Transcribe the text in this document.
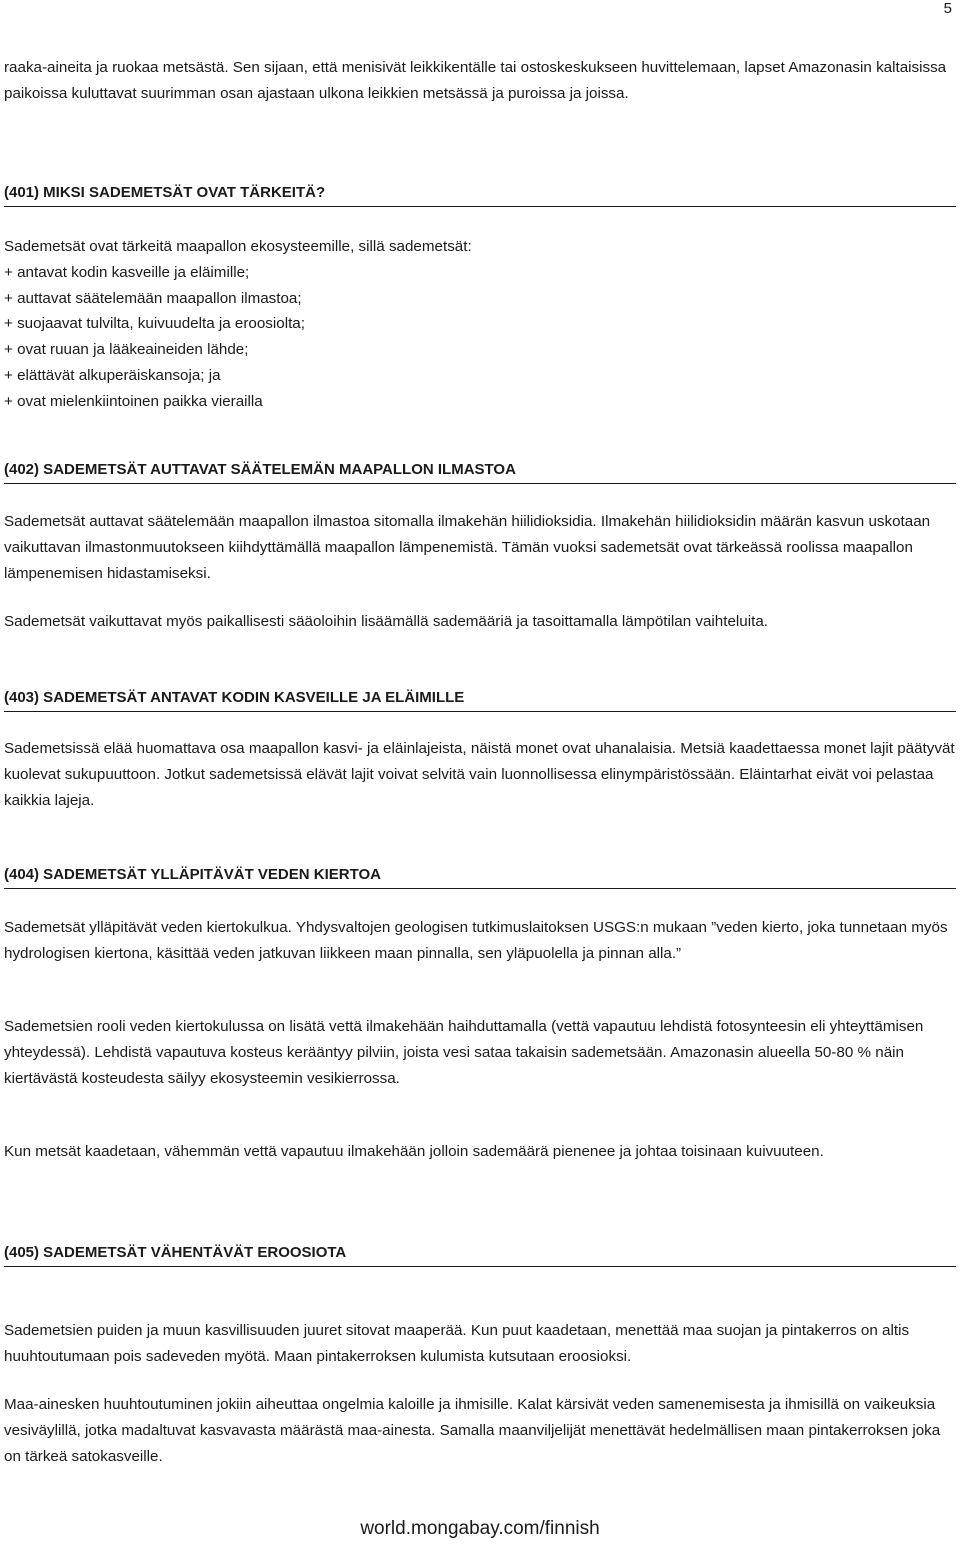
5
raaka-aineita ja ruokaa metsästä. Sen sijaan, että menisivät leikkikentälle tai ostoskeskukseen huvittelemaan, lapset Amazonasin kaltaisissa paikoissa kuluttavat suurimman osan ajastaan ulkona leikkien metsässä ja puroissa ja joissa.
(401) MIKSI SADEMETSÄT OVAT TÄRKEITÄ?

Sademetsät ovat tärkeitä maapallon ekosysteemille, sillä sademetsät:

+ antavat kodin kasveille ja eläimille;
+ auttavat säätelemään maapallon ilmastoa;
+ suojaavat tulvilta, kuivuudelta ja eroosiolta;
+ ovat ruuan ja lääkeaineiden lähde;
+ elättävät alkuperäiskansoja; ja
+ ovat mielenkiintoinen paikka vierailla
(402) SADEMETSÄT AUTTAVAT SÄÄTELEMÄN MAAPALLON ILMASTOA

Sademetsät auttavat säätelemään maapallon ilmastoa sitomalla ilmakehän hiilidioksidia. Ilmakehän hiilidioksidin määrän kasvun uskotaan vaikuttavan ilmastonmuutokseen kiihdyttämällä maapallon lämpenemistä. Tämän vuoksi sademetsät ovat tärkeässä roolissa maapallon lämpenemisen hidastamiseksi.

Sademetsät vaikuttavat myös paikallisesti sääoloihin lisäämällä sademääriä ja tasoittamalla lämpötilan vaihteluita.

(403) SADEMETSÄT ANTAVAT KODIN KASVEILLE JA ELÄIMILLE

Sademetsissä elää huomattava osa maapallon kasvi- ja eläinlajeista, näistä monet ovat uhanalaisia. Metsiä kaadettaessa monet lajit päätyvät kuolevat sukupuuttoon. Jotkut sademetsissä elävät lajit voivat selvitä vain luonnollisessa elinympäristössään. Eläintarhat eivät voi pelastaa kaikkia lajeja.

(404) SADEMETSÄT YLLÄPITÄVÄT VEDEN KIERTOA

Sademetsät ylläpitävät veden kiertokulkua. Yhdysvaltojen geologisen tutkimuslaitoksen USGS:n mukaan ”veden kierto, joka tunnetaan myös hydrologisen kiertona, käsittää veden jatkuvan liikkeen maan pinnalla, sen yläpuolella ja pinnan alla.”

Sademetsien rooli veden kiertokulussa on lisätä vettä ilmakehään haihduttamalla (vettä vapautuu lehdistä fotosynteesin eli yhteyttämisen yhteydessä). Lehdistä vapautuva kosteus kerääntyy pilviin, joista vesi sataa takaisin sademetsään. Amazonasin alueella 50-80 % näin kiertävästä kosteudesta säilyy ekosysteemin vesikierrossa.

Kun metsät kaadetaan, vähemmän vettä vapautuu ilmakehään jolloin sademäärä pienenee ja johtaa toisinaan kuivuuteen.

(405) SADEMETSÄT VÄHENTÄVÄT EROOSIOTA

Sademetsien puiden ja muun kasvillisuuden juuret sitovat maaperää. Kun puut kaadetaan, menettää maa suojan ja pintakerros on altis huuhtoutumaan pois sadeveden myötä. Maan pintakerroksen kulumista kutsutaan eroosioksi.

Maa-ainesken huuhtoutuminen jokiin aiheuttaa ongelmia kaloille ja ihmisille. Kalat kärsivät veden samenemisesta ja ihmisillä on vaikeuksia vesiväylillä, jotka madaltuvat kasvavasta määrästä maa-ainesta. Samalla maanviljelijät menettävät hedelmällisen maan pintakerroksen joka on tärkeä satokasveille.

world.mongabay.com/finnish
